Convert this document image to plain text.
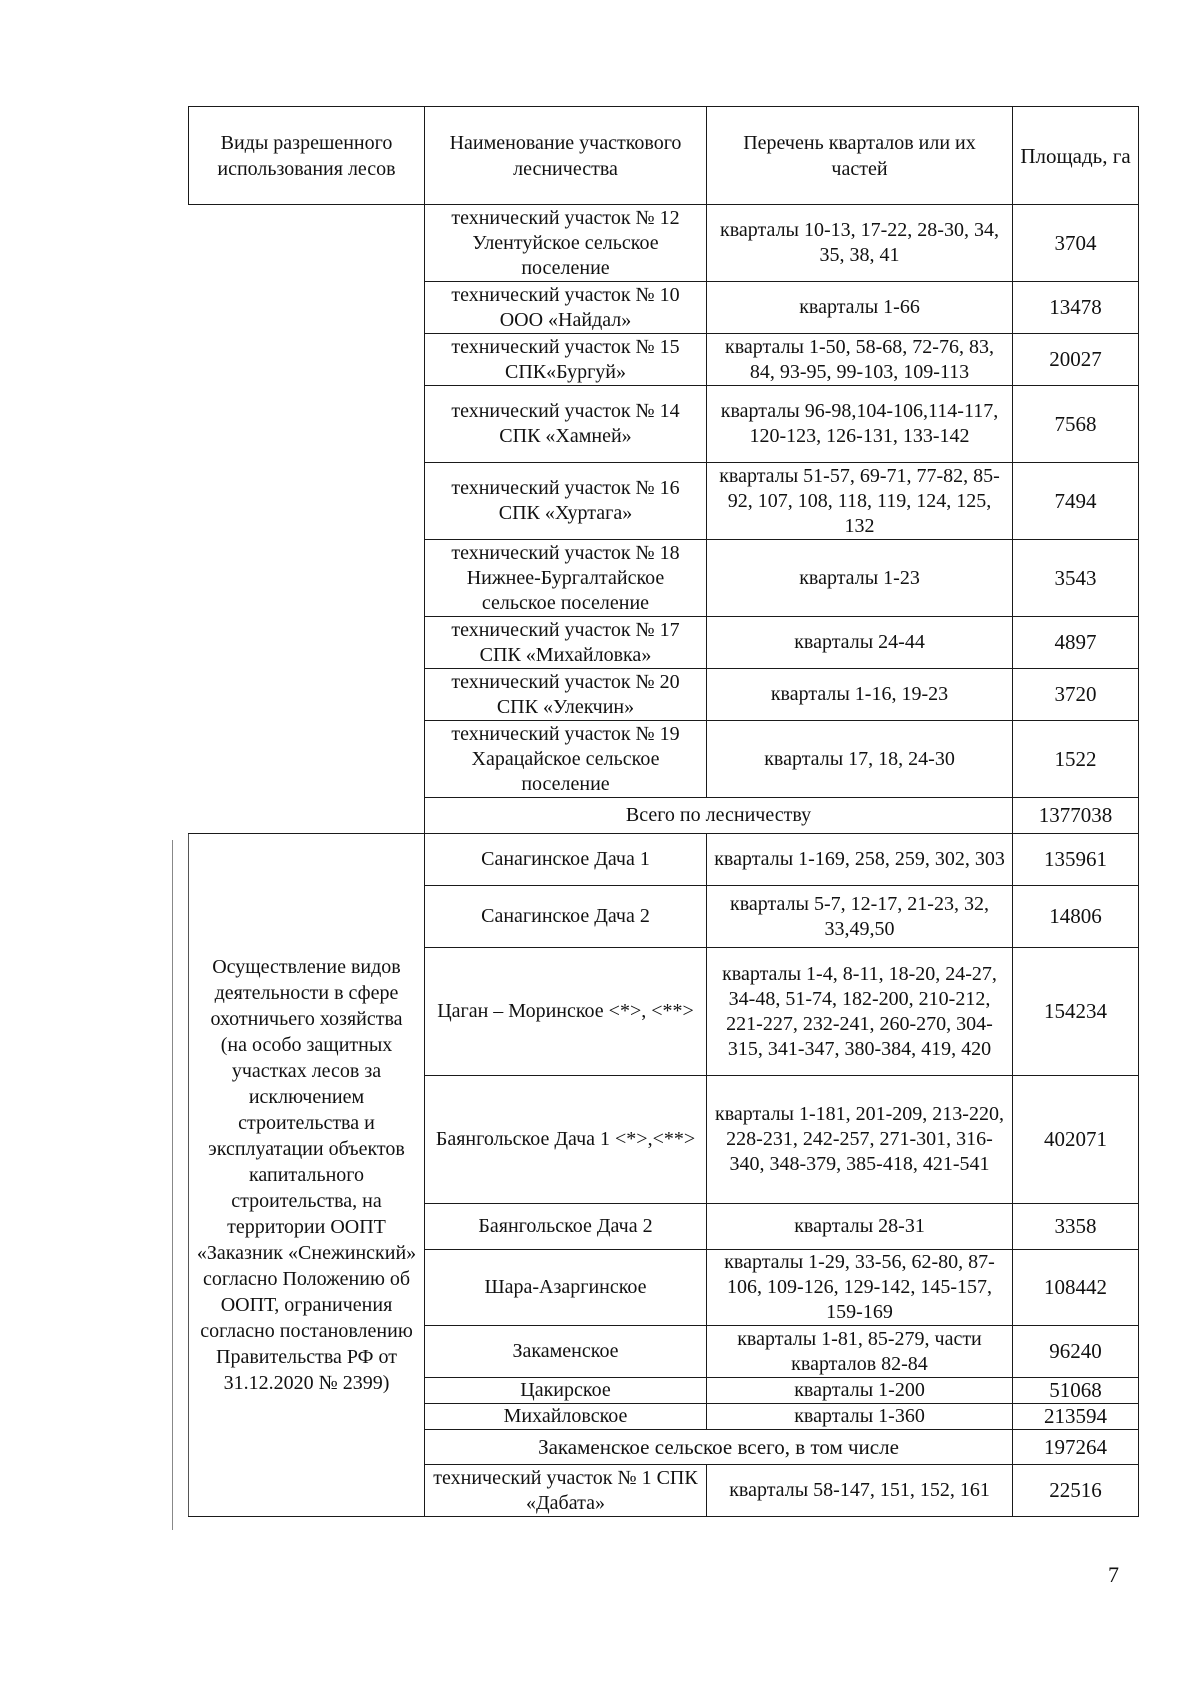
Виды разрешенного использования лесов	Наименование участкового лесничества	Перечень кварталов или их частей	Площадь, га
	технический участок № 12 Улентуйское сельское поселение	кварталы 10-13, 17-22, 28-30, 34, 35, 38, 41	3704
	технический участок № 10 ООО «Найдал»	кварталы 1-66	13478
	технический участок № 15 СПК«Бургуй»	кварталы 1-50, 58-68, 72-76, 83, 84, 93-95, 99-103, 109-113	20027
	технический участок № 14 СПК «Хамней»	кварталы 96-98,104-106,114-117, 120-123, 126-131, 133-142	7568
	технический участок № 16 СПК «Хуртага»	кварталы 51-57, 69-71, 77-82, 85-92, 107, 108, 118, 119, 124, 125, 132	7494
	технический участок № 18 Нижнее-Бургалтайское сельское поселение	кварталы 1-23	3543
	технический участок № 17 СПК «Михайловка»	кварталы 24-44	4897
	технический участок № 20 СПК «Улекчин»	кварталы 1-16, 19-23	3720
	технический участок № 19 Харацайское сельское поселение	кварталы 17, 18, 24-30	1522
	Всего по лесничеству		1377038
Осуществление видов деятельности в сфере охотничьего хозяйства (на особо защитных участках лесов за исключением строительства и эксплуатации объектов капитального строительства, на территории ООПТ «Заказник «Снежинский» согласно Положению об ООПТ, ограничения согласно постановлению Правительства РФ от 31.12.2020 № 2399)	Санагинское Дача 1	кварталы 1-169, 258, 259, 302, 303	135961
	Санагинское Дача 2	кварталы 5-7, 12-17, 21-23, 32, 33,49,50	14806
	Цаган – Моринское <*>, <**>	кварталы 1-4, 8-11, 18-20, 24-27, 34-48, 51-74, 182-200, 210-212, 221-227, 232-241, 260-270, 304-315, 341-347, 380-384, 419, 420	154234
	Баянгольское Дача 1 <*>,<**>	кварталы 1-181, 201-209, 213-220, 228-231, 242-257, 271-301, 316-340, 348-379, 385-418, 421-541	402071
	Баянгольское Дача 2	кварталы 28-31	3358
	Шара-Азаргинское	кварталы 1-29, 33-56, 62-80, 87-106, 109-126, 129-142, 145-157, 159-169	108442
	Закаменское	кварталы 1-81, 85-279, части кварталов 82-84	96240
	Цакирское	кварталы 1-200	51068
	Михайловское	кварталы 1-360	213594
	Закаменское сельское всего, в том числе		197264
	технический участок № 1 СПК «Дабата»	кварталы 58-147, 151, 152, 161	22516
7
